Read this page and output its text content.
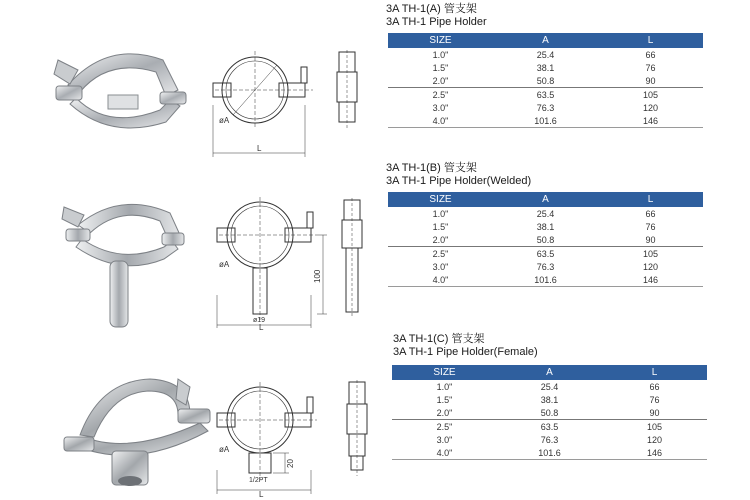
øA
L
3A TH-1(A) 管支架
3A TH-1 Pipe Holder
SIZE	A	L
1.0"	25.4	66
1.5"	38.1	76
2.0"	50.8	90
2.5"	63.5	105
3.0"	76.3	120
4.0"	101.6	146
øA
100
ø19
L
3A TH-1(B) 管支架
3A TH-1 Pipe Holder(Welded)
SIZE	A	L
1.0"	25.4	66
1.5"	38.1	76
2.0"	50.8	90
2.5"	63.5	105
3.0"	76.3	120
4.0"	101.6	146
øA
20
1/2PT
L
3A TH-1(C) 管支架
3A TH-1 Pipe Holder(Female)
SIZE	A	L
1.0"	25.4	66
1.5"	38.1	76
2.0"	50.8	90
2.5"	63.5	105
3.0"	76.3	120
4.0"	101.6	146
